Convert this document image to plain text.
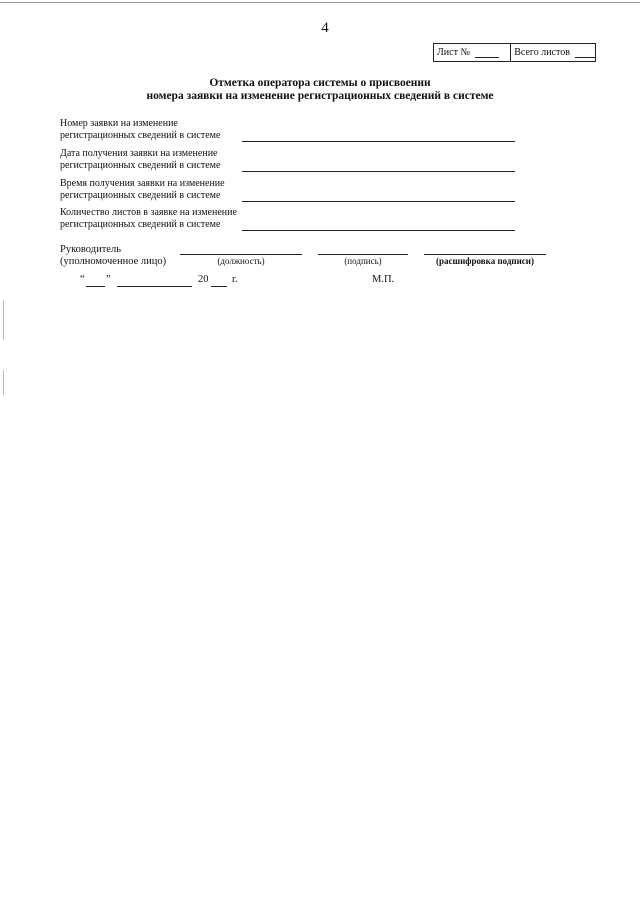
4
Лист №	Всего листов
Отметка оператора системы о присвоении
номера заявки на изменение регистрационных сведений в системе
Номер заявки на изменение
регистрационных сведений в системе
Дата получения заявки на изменение
регистрационных сведений в системе
Время получения заявки на изменение
регистрационных сведений в системе
Количество листов в заявке на изменение
регистрационных сведений в системе
Руководитель
(уполномоченное лицо)	(должность)	(подпись)	(расшифровка подписи)
“ ”	20 г.	М.П.
